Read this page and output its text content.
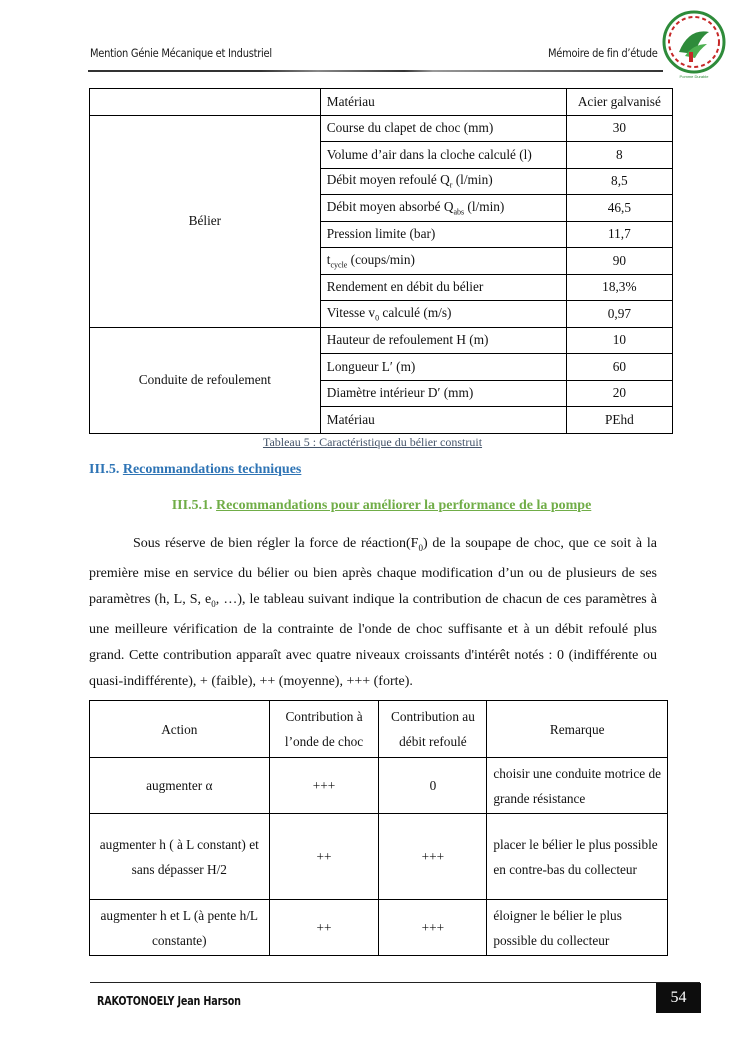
Mention Génie Mécanique et Industriel	Mémoire de fin d’étude
Pomme Durable
	Matériau	Acier galvanisé
Bélier	Course du clapet de choc (mm)	30
	Volume d’air dans la cloche calculé (l)	8
	Débit moyen refoulé $Q_r$ (l/min)	8,5
	Débit moyen absorbé $Q_{abs}$ (l/min)	46,5
	Pression limite (bar)	11,7
	$t_{cycle}$ (coups/min)	90
	Rendement en débit du bélier	18,3%
	Vitesse $v_0$ calculé (m/s)	0,97
Conduite de refoulement	Hauteur de refoulement H (m)	10
	Longueur L′ (m)	60
	Diamètre intérieur D′ (mm)	20
	Matériau	PEhd
Tableau 5 : Caractéristique du bélier construit
III.5. Recommandations techniques
III.5.1. Recommandations pour améliorer la performance de la pompe

Sous réserve de bien régler la force de $réaction(F_0)$ de la soupape de choc, que ce soit à la première mise en service du bélier ou bien après chaque modification d’un ou de plusieurs de ses paramètres (h, L, S, $e_0$, …), le tableau suivant indique la contribution de chacun de ces paramètres à une meilleure vérification de la contrainte de l'onde de choc suffisante et à un débit refoulé plus grand. Cette contribution apparaît avec quatre niveaux croissants d'intérêt notés : 0 (indifférente ou quasi-indifférente), + (faible), ++ (moyenne), +++ (forte).

Action	Contribution à l’onde de choc	Contribution au débit refoulé	Remarque
augmenter α	+++	0	choisir une conduite motrice de grande résistance
augmenter h ( à L constant) et sans dépasser H/2	++	+++	placer le bélier le plus possible en contre-bas du collecteur
augmenter h et L (à pente h/L constante)	++	+++	éloigner le bélier le plus possible du collecteur
RAKOTONOELY Jean Harson	54
